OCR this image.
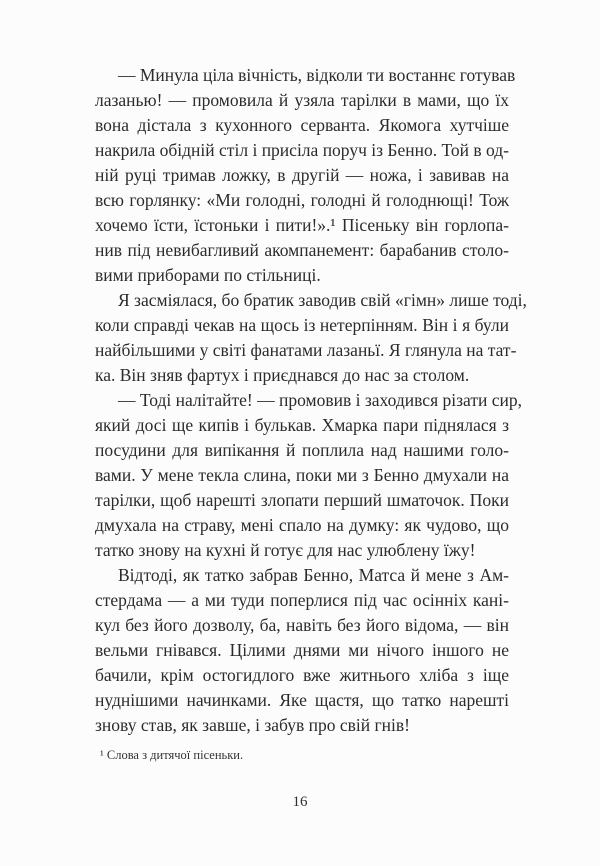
— Минула ціла вічність, відколи ти востаннє готував
лазанью! — промовила й узяла тарілки в мами, що їх
вона дістала з кухонного серванта. Якомога хутчіше
накрила обідній стіл і присіла поруч із Бенно. Той в од-
ній руці тримав ложку, в другій — ножа, і завивав на
всю горлянку: «Ми голодні, голодні й голоднющі! Тож
хочемо їсти, їстоньки і пити!».¹ Пісеньку він горлопа-
нив під невибагливий акомпанемент: барабанив столо-
вими приборами по стільниці.
Я засміялася, бо братик заводив свій «гімн» лише тоді,
коли справді чекав на щось із нетерпінням. Він і я були
найбільшими у світі фанатами лазаньї. Я глянула на тат-
ка. Він зняв фартух і приєднався до нас за столом.
— Тоді налітайте! — промовив і заходився різати сир,
який досі ще кипів і булькав. Хмарка пари піднялася з
посудини для випікання й поплила над нашими голо-
вами. У мене текла слина, поки ми з Бенно дмухали на
тарілки, щоб нарешті злопати перший шматочок. Поки
дмухала на страву, мені спало на думку: як чудово, що
татко знову на кухні й готує для нас улюблену їжу!
Відтоді, як татко забрав Бенно, Матса й мене з Ам-
стердама — а ми туди поперлися під час осінніх кані-
кул без його дозволу, ба, навіть без його відома, — він
вельми гнівався. Цілими днями ми нічого іншого не
бачили, крім остогидлого вже житнього хліба з іще
нуднішими начинками. Яке щастя, що татко нарешті
знову став, як завше, і забув про свій гнів!
¹ Слова з дитячої пісеньки.
16
